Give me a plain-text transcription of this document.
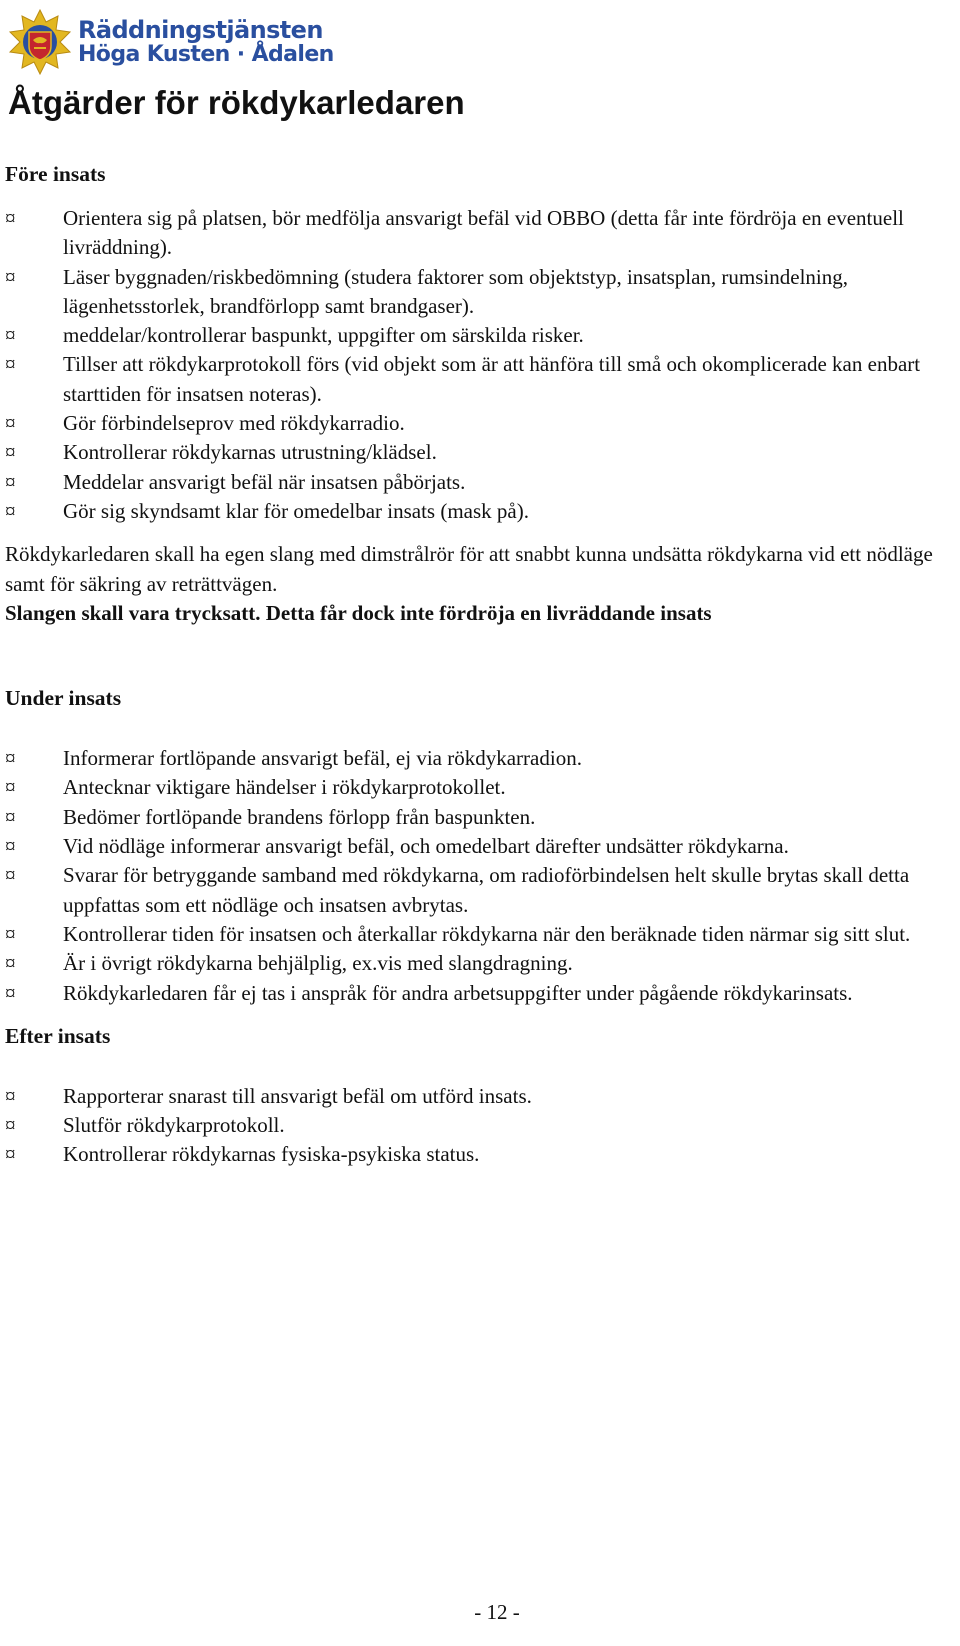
Räddningstjänsten
Höga Kusten · Ådalen
Åtgärder för rökdykarledaren
Före insats
¤ Orientera sig på platsen, bör medfölja ansvarigt befäl vid OBBO (detta får inte fördröja en eventuell livräddning).
¤ Läser byggnaden/riskbedömning (studera faktorer som objektstyp, insatsplan, rumsindelning, lägenhetsstorlek, brandförlopp samt brandgaser).
¤ meddelar/kontrollerar baspunkt, uppgifter om särskilda risker.
¤ Tillser att rökdykarprotokoll förs (vid objekt som är att hänföra till små och okomplicerade kan enbart starttiden för insatsen noteras).
¤ Gör förbindelseprov med rökdykarradio.
¤ Kontrollerar rökdykarnas utrustning/klädsel.
¤ Meddelar ansvarigt befäl när insatsen påbörjats.
¤ Gör sig skyndsamt klar för omedelbar insats (mask på).

Rökdykarledaren skall ha egen slang med dimstrålrör för att snabbt kunna undsätta rökdykarna vid ett nödläge samt för säkring av reträttvägen.

Slangen skall vara trycksatt. Detta får dock inte fördröja en livräddande insats

Under insats
¤ Informerar fortlöpande ansvarigt befäl, ej via rökdykarradion.
¤ Antecknar viktigare händelser i rökdykarprotokollet.
¤ Bedömer fortlöpande brandens förlopp från baspunkten.
¤ Vid nödläge informerar ansvarigt befäl, och omedelbart därefter undsätter rökdykarna.
¤ Svarar för betryggande samband med rökdykarna, om radioförbindelsen helt skulle brytas skall detta uppfattas som ett nödläge och insatsen avbrytas.
¤ Kontrollerar tiden för insatsen och återkallar rökdykarna när den beräknade tiden närmar sig sitt slut.
¤ Är i övrigt rökdykarna behjälplig, ex.vis med slangdragning.
¤ Rökdykarledaren får ej tas i anspråk för andra arbetsuppgifter under pågående rökdykarinsats.
Efter insats
¤ Rapporterar snarast till ansvarigt befäl om utförd insats.
¤ Slutför rökdykarprotokoll.
¤ Kontrollerar rökdykarnas fysiska-psykiska status.
- 12 -
